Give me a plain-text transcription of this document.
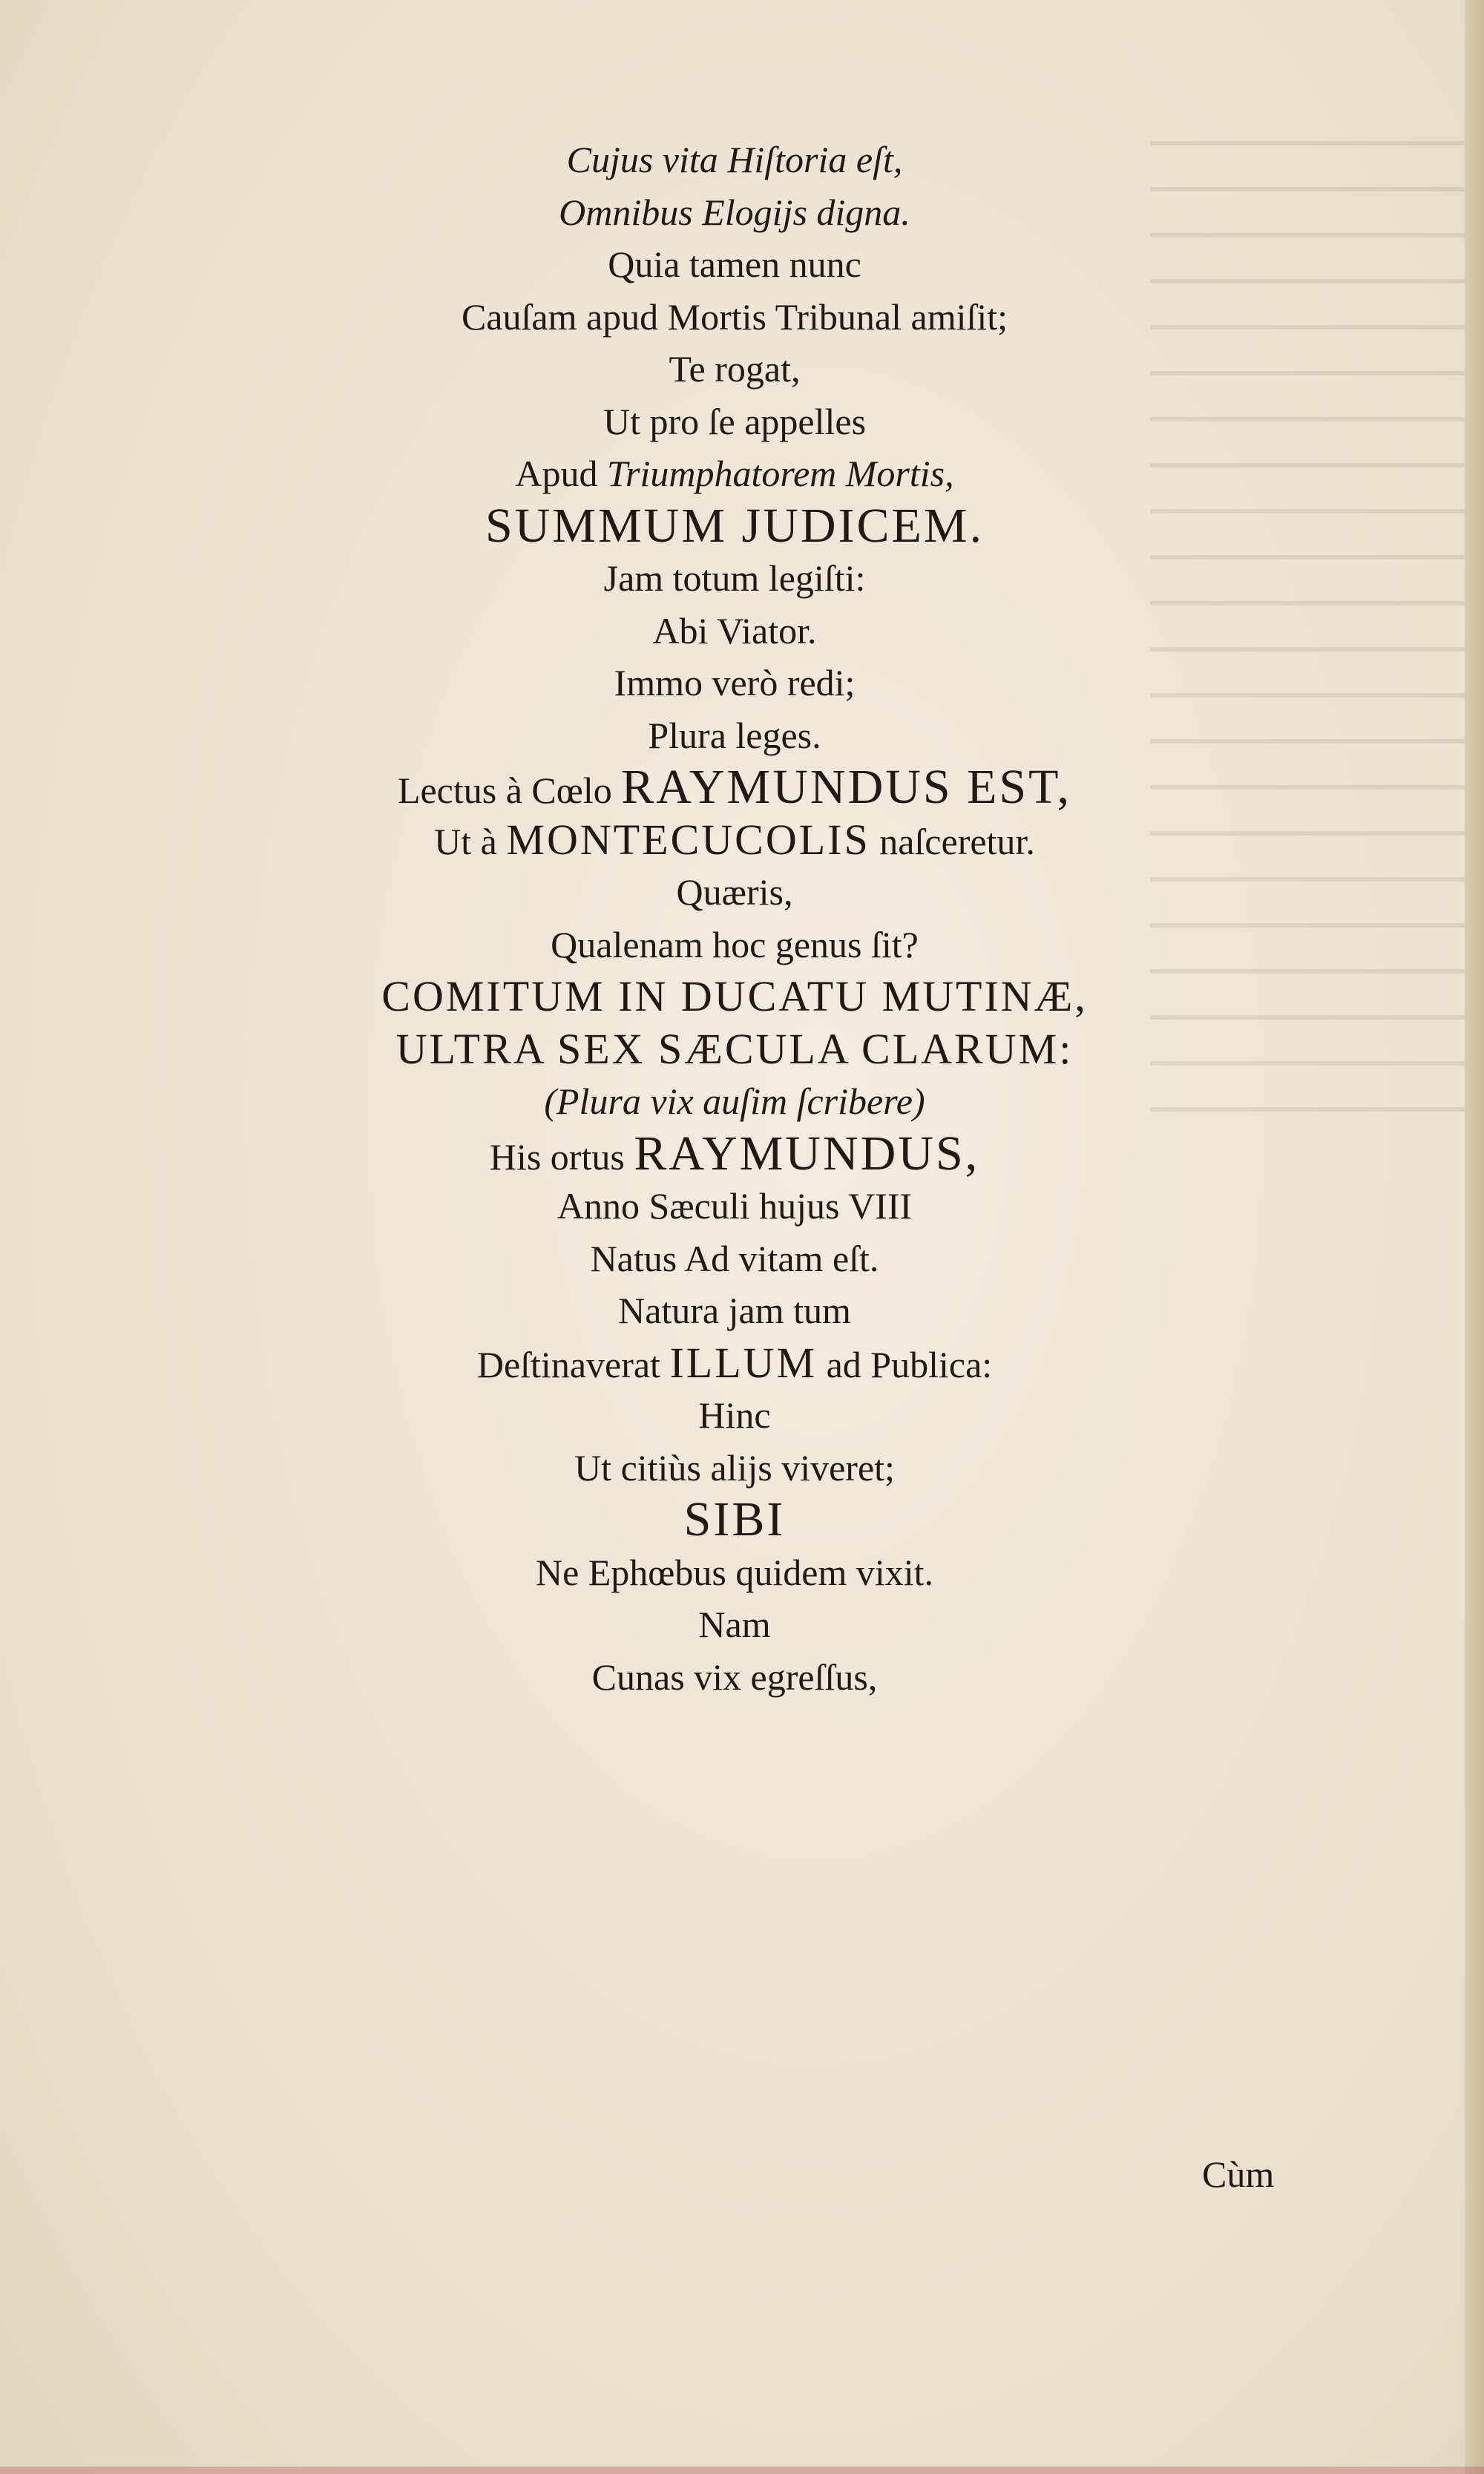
Cujus vita Hiſtoria eſt,
Omnibus Elogijs digna.
Quia tamen nunc
Cauſam apud Mortis Tribunal amiſit;
Te rogat,
Ut pro ſe appelles
Apud Triumphatorem Mortis,
SUMMUM JUDICEM.
Jam totum legiſti:
Abi Viator.
Immo verò redi;
Plura leges.
Lectus à Cœlo RAYMUNDUS EST,
Ut à MONTECUCOLIS naſceretur.
Quæris,
Qualenam hoc genus ſit?
COMITUM IN DUCATU MUTINÆ,
ULTRA SEX SÆCULA CLARUM:
(Plura vix auſim ſcribere)
His ortus RAYMUNDUS,
Anno Sæculi hujus VIII
Natus Ad vitam eſt.
Natura jam tum
Deſtinaverat ILLUM ad Publica:
Hinc
Ut citiùs alijs viveret;
SIBI
Ne Ephœbus quidem vixit.
Nam
Cunas vix egreſſus,
Cùm
